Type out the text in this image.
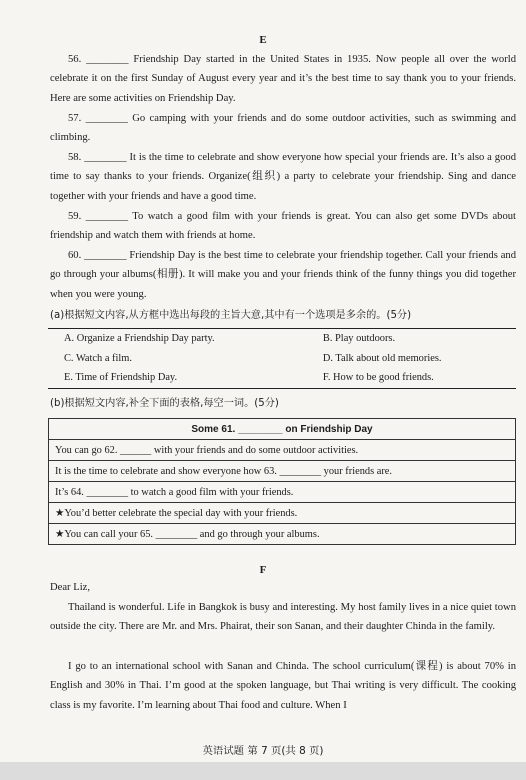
E
56. ________ Friendship Day started in the United States in 1935. Now people all over the world celebrate it on the first Sunday of August every year and it’s the best time to say thank you to your friends. Here are some activities on Friendship Day.
57. ________ Go camping with your friends and do some outdoor activities, such as swimming and climbing.
58. ________ It is the time to celebrate and show everyone how special your friends are. It’s also a good time to say thanks to your friends. Organize(组织) a party to celebrate your friendship. Sing and dance together with your friends and have a good time.
59. ________ To watch a good film with your friends is great. You can also get some DVDs about friendship and watch them with friends at home.
60. ________ Friendship Day is the best time to celebrate your friendship together. Call your friends and go through your albums(相册). It will make you and your friends think of the funny things you did together when you were young.
(a)根据短文内容,从方框中选出每段的主旨大意,其中有一个选项是多余的。(5分)
A. Organize a Friendship Day party.	B. Play outdoors.
C. Watch a film.	D. Talk about old memories.
E. Time of Friendship Day.	F. How to be good friends.
(b)根据短文内容,补全下面的表格,每空一词。(5分)
Some 61. ________ on Friendship Day
You can go 62. ______ with your friends and do some outdoor activities.
It is the time to celebrate and show everyone how 63. ________ your friends are.
It’s 64. ________ to watch a good film with your friends.
★You’d better celebrate the special day with your friends.
★You can call your 65. ________ and go through your albums.
F
Dear Liz,
Thailand is wonderful. Life in Bangkok is busy and interesting. My host family lives in a nice quiet town outside the city. There are Mr. and Mrs. Phairat, their son Sanan, and their daughter Chinda in the family.
I go to an international school with Sanan and Chinda. The school curriculum(课程) is about 70% in English and 30% in Thai. I’m good at the spoken language, but Thai writing is very difficult. The cooking class is my favorite. I’m learning about Thai food and culture. When I
英语试题 第 7 页(共 8 页)
